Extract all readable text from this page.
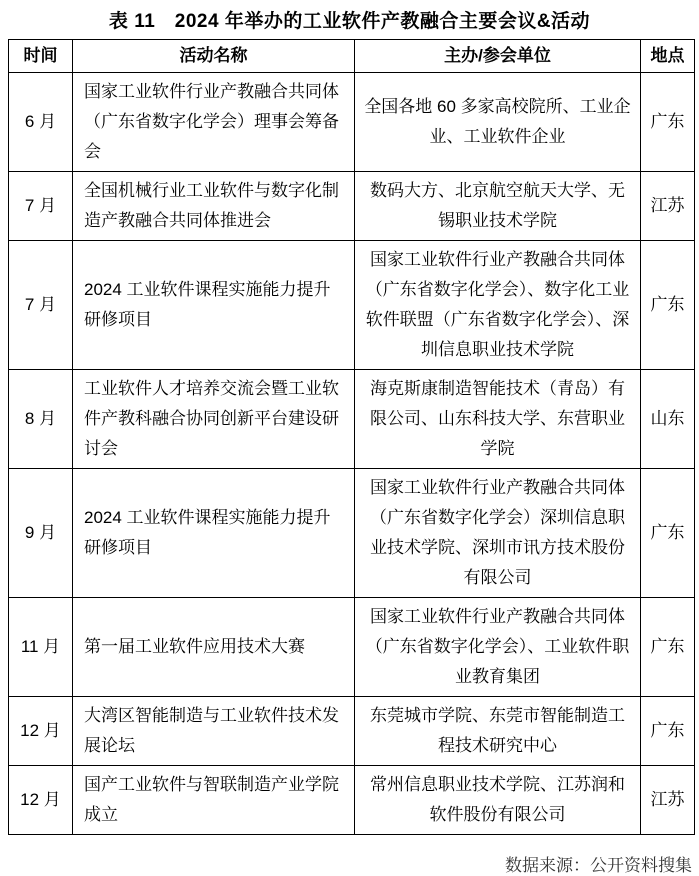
表 11　2024 年举办的工业软件产教融合主要会议&活动
时间	活动名称	主办/参会单位	地点
6 月	国家工业软件行业产教融合共同体（广东省数字化学会）理事会筹备会	全国各地 60 多家高校院所、工业企业、工业软件企业	广东
7 月	全国机械行业工业软件与数字化制造产教融合共同体推进会	数码大方、北京航空航天大学、无锡职业技术学院	江苏
7 月	2024 工业软件课程实施能力提升研修项目	国家工业软件行业产教融合共同体（广东省数字化学会）、数字化工业软件联盟（广东省数字化学会）、深圳信息职业技术学院	广东
8 月	工业软件人才培养交流会暨工业软件产教科融合协同创新平台建设研讨会	海克斯康制造智能技术（青岛）有限公司、山东科技大学、东营职业学院	山东
9 月	2024 工业软件课程实施能力提升研修项目	国家工业软件行业产教融合共同体（广东省数字化学会）深圳信息职业技术学院、深圳市讯方技术股份有限公司	广东
11 月	第一届工业软件应用技术大赛	国家工业软件行业产教融合共同体（广东省数字化学会）、工业软件职业教育集团	广东
12 月	大湾区智能制造与工业软件技术发展论坛	东莞城市学院、东莞市智能制造工程技术研究中心	广东
12 月	国产工业软件与智联制造产业学院成立	常州信息职业技术学院、江苏润和软件股份有限公司	江苏
数据来源：公开资料搜集
